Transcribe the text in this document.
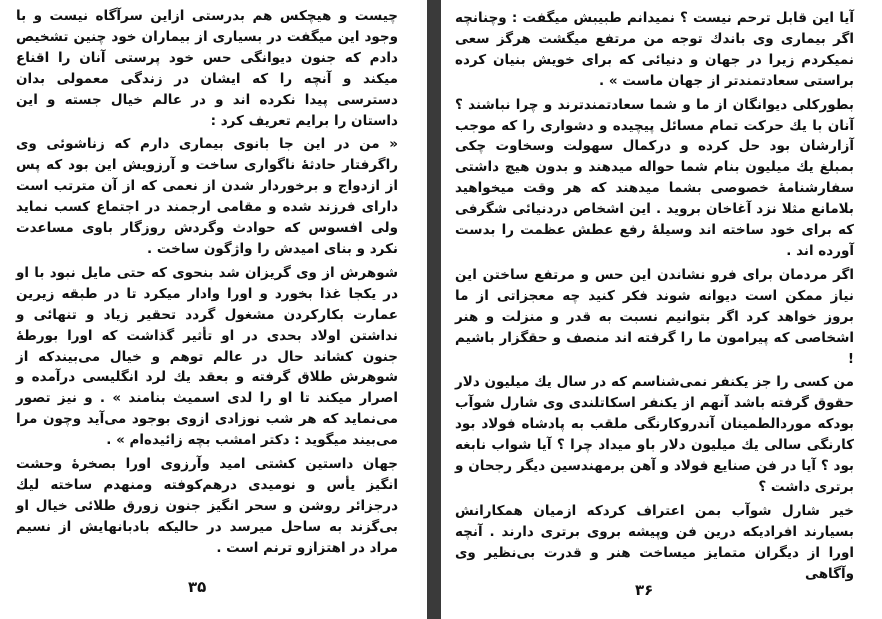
چیست و هیچکس هم بدرستی ازاین سرآگاه نیست و با وجود این میگفت در بسیاری از بیماران خود چنین تشخیص دادم که جنون دیوانگی حس خود پرستی آنان را اقناع میکند و آنچه را که ایشان در زندگی معمولی بدان دسترسی پیدا نکرده اند و در عالم خیال جسته و این داستان را برایم تعریف کرد :

« من در این جا بانوی بیماری دارم که زناشوئی وی راگرفتار حادثهٔ ناگواری ساخت و آرزویش این بود که پس از ازدواج و برخوردار شدن از نعمی که از آن مترتب است دارای فرزند شده و مقامی ارجمند در اجتماع کسب نماید ولی افسوس که حوادث وگردش روزگار باوی مساعدت نکرد و بنای امیدش را واژگون ساخت .

شوهرش از وی گریزان شد بنحوی که حتی مایل نبود با او در یکجا غذا بخورد و اورا وادار میکرد تا در طبقه زیرین عمارت بکارکردن مشغول گردد تحقیر زیاد و تنهائی و نداشتن اولاد بحدی در او تأثیر گذاشت که اورا بورطهٔ جنون کشاند حال در عالم توهم و خیال می‌بیندکه از شوهرش طلاق گرفته و بعقد یك لرد انگلیسی درآمده و اصرار میکند تا او را لدی اسمیث بنامند » . و نیز تصور می‌نماید که هر شب نوزادی ازوی بوجود می‌آید وچون مرا می‌بیند میگوید : دکتر امشب بچه زائیده‌ام » .

جهان داستین کشتی امید وآرزوی اورا بصخرهٔ وحشت انگیز یأس و نومیدی درهم‌کوفته ومنهدم ساخته لیك درجزائر روشن و سحر انگیز جنون زورق طلائی خیال او بی‌گزند به ساحل میرسد در حالیکه بادبانهایش از نسیم مراد در اهتزازو ترنم است .

۳۵

آیا این قابل ترحم نیست ؟ نمیدانم طبیبش میگفت : وچنانچه اگر بیماری وی باندك توجه من مرتفع میگشت هرگز سعی نمیکردم زیرا در جهان و دنیائی که برای خویش بنیان کرده براستی سعادتمندتر از جهان ماست » .

بطورکلی دیوانگان از ما و شما سعادتمندترند و چرا نباشند ؟ آنان با یك حرکت تمام مسائل پیچیده و دشواری را که موجب آزارشان بود حل کرده و درکمال سهولت وسخاوت چکی بمبلغ یك میلیون بنام شما حواله میدهند و بدون هیچ داشتی سفارشنامهٔ خصوصی بشما میدهند که هر وقت میخواهید بلامانع مثلا نزد آغاخان بروید . این اشخاص دردنیائی شگرفی که برای خود ساخته اند وسیلهٔ رفع عطش عظمت را بدست آورده اند .

اگر مردمان برای فرو نشاندن این حس و مرتفع ساختن این نیاز ممکن است دیوانه شوند فکر کنید چه معجزاتی از ما بروز خواهد کرد اگر بتوانیم نسبت به قدر و منزلت و هنر اشخاصی که پیرامون ما را گرفته اند منصف و حقگزار باشیم !

من کسی را جز یکنفر نمی‌شناسم که در سال یك میلیون دلار حقوق گرفته باشد آنهم از یکنفر اسکاتلندی وی شارل شوآب بودکه موردالطمینان آندروکارنگی ملقب به پادشاه فولاد بود کارنگی سالی یك میلیون دلار باو میداد چرا ؟ آیا شواب نابغه بود ؟ آیا در فن صنایع فولاد و آهن برمهندسین دیگر رجحان و برتری داشت ؟

خیر شارل شوآب بمن اعتراف کردکه ازمیان همکارانش بسیارند افرادیکه درین فن وپیشه بروی برتری دارند . آنچه اورا از دیگران متمایز میساخت هنر و قدرت بی‌نظیر وی وآگاهی

۳۶
